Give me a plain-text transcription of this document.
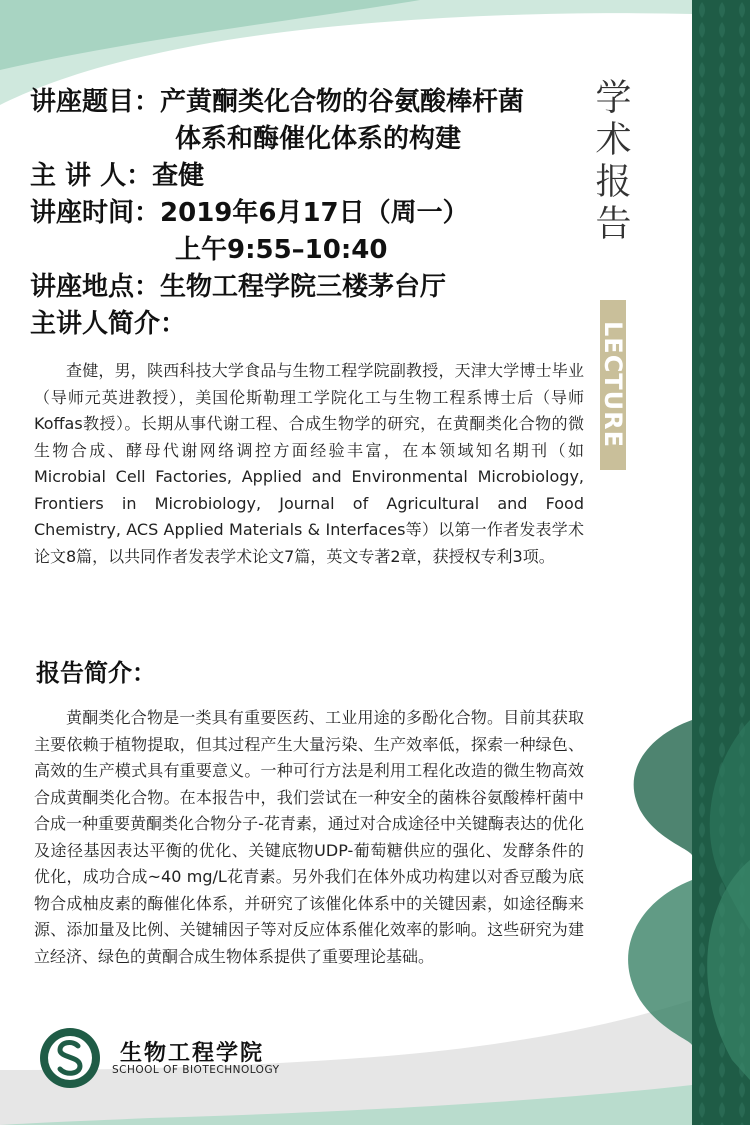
学术报告
LECTURE
讲座题目： 产黄酮类化合物的谷氨酸棒杆菌
体系和酶催化体系的构建
主 讲 人： 查健
讲座时间： 2019年6月17日（周一）
上午9:55–10:40
讲座地点： 生物工程学院三楼茅台厅
主讲人简介：

查健，男，陕西科技大学食品与生物工程学院副教授，天津大学博士毕业（导师元英进教授），美国伦斯勒理工学院化工与生物工程系博士后（导师Koffas教授）。长期从事代谢工程、合成生物学的研究，在黄酮类化合物的微生物合成、酵母代谢网络调控方面经验丰富，在本领域知名期刊（如Microbial Cell Factories, Applied and Environmental Microbiology, Frontiers in Microbiology, Journal of Agricultural and Food Chemistry, ACS Applied Materials & Interfaces等）以第一作者发表学术论文8篇，以共同作者发表学术论文7篇，英文专著2章，获授权专利3项。

报告简介：

黄酮类化合物是一类具有重要医药、工业用途的多酚化合物。目前其获取主要依赖于植物提取，但其过程产生大量污染、生产效率低，探索一种绿色、高效的生产模式具有重要意义。一种可行方法是利用工程化改造的微生物高效合成黄酮类化合物。在本报告中，我们尝试在一种安全的菌株谷氨酸棒杆菌中合成一种重要黄酮类化合物分子-花青素，通过对合成途径中关键酶表达的优化及途径基因表达平衡的优化、关键底物UDP-葡萄糖供应的强化、发酵条件的优化，成功合成~40 mg/L花青素。另外我们在体外成功构建以对香豆酸为底物合成柚皮素的酶催化体系，并研究了该催化体系中的关键因素，如途径酶来源、添加量及比例、关键辅因子等对反应体系催化效率的影响。这些研究为建立经济、绿色的黄酮合成生物体系提供了重要理论基础。

生物工程学院
SCHOOL OF BIOTECHNOLOGY
